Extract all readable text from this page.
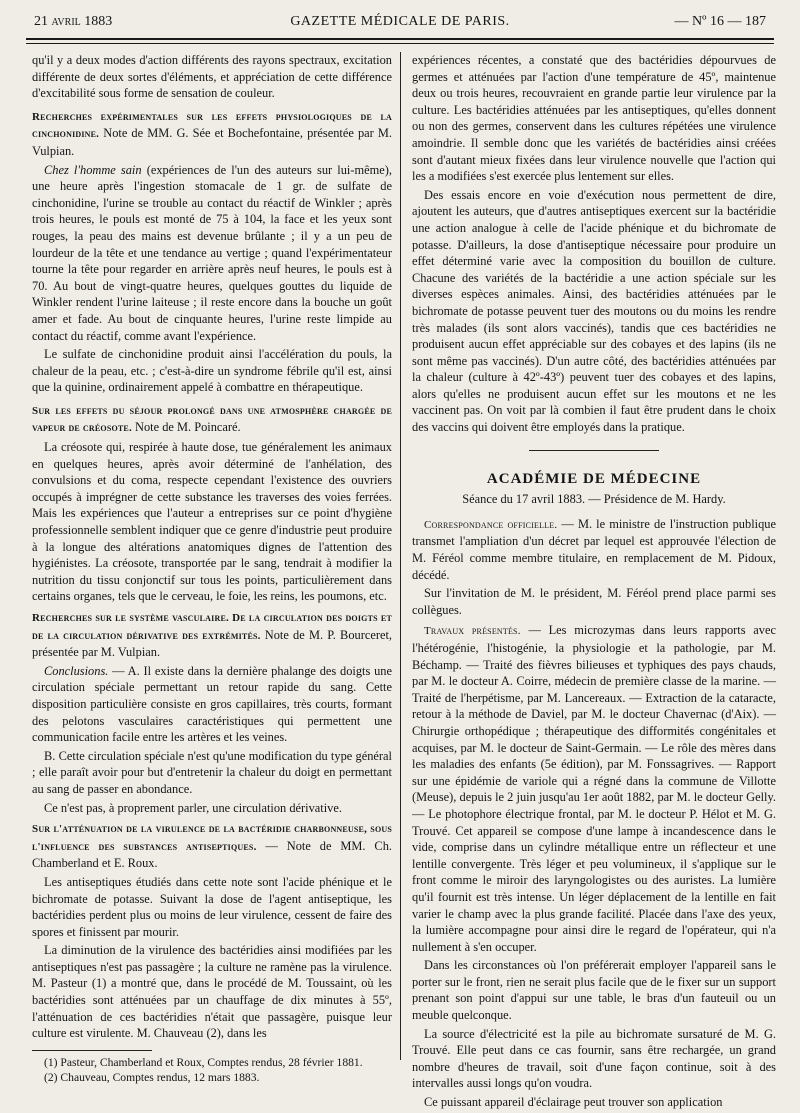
21 avril 1883	GAZETTE MÉDICALE DE PARIS.	— Nº 16 — 187

qu'il y a deux modes d'action différents des rayons spectraux, excitation différente de deux sortes d'éléments, et appréciation de cette différence d'excitabilité sous forme de sensation de couleur.

Recherches expérimentales sur les effets physiologiques de la cinchonidine. Note de MM. G. Sée et Bochefontaine, présentée par M. Vulpian.

Chez l'homme sain (expériences de l'un des auteurs sur lui-même), une heure après l'ingestion stomacale de 1 gr. de sulfate de cinchonidine, l'urine se trouble au contact du réactif de Winkler ; après trois heures, le pouls est monté de 75 à 104, la face et les yeux sont rouges, la peau des mains est devenue brûlante ; il y a un peu de lourdeur de la tête et une tendance au vertige ; quand l'expérimentateur tourne la tête pour regarder en arrière après neuf heures, le pouls est à 70. Au bout de vingt-quatre heures, quelques gouttes du liquide de Winkler rendent l'urine laiteuse ; il reste encore dans la bouche un goût amer et fade. Au bout de cinquante heures, l'urine reste limpide au contact du réactif, comme avant l'expérience.

Le sulfate de cinchonidine produit ainsi l'accélération du pouls, la chaleur de la peau, etc. ; c'est-à-dire un syndrome fébrile qu'il est, ainsi que la quinine, ordinairement appelé à combattre en thérapeutique.

Sur les effets du séjour prolongé dans une atmosphère chargée de vapeur de créosote. Note de M. Poincaré.

La créosote qui, respirée à haute dose, tue généralement les animaux en quelques heures, après avoir déterminé de l'anhélation, des convulsions et du coma, respecte cependant l'existence des ouvriers occupés à imprégner de cette substance les traverses des voies ferrées. Mais les expériences que l'auteur a entreprises sur ce point d'hygiène professionnelle semblent indiquer que ce genre d'industrie peut produire à la longue des altérations anatomiques dignes de l'attention des hygiénistes. La créosote, transportée par le sang, tendrait à modifier la nutrition du tissu conjonctif sur tous les points, particulièrement dans certains organes, tels que le cerveau, le foie, les reins, les poumons, etc.

Recherches sur le système vasculaire. De la circulation des doigts et de la circulation dérivative des extrémités. Note de M. P. Bourceret, présentée par M. Vulpian.

Conclusions. — A. Il existe dans la dernière phalange des doigts une circulation spéciale permettant un retour rapide du sang. Cette disposition particulière consiste en gros capillaires, très courts, formant des pelotons vasculaires caractéristiques qui permettent une communication facile entre les artères et les veines.

B. Cette circulation spéciale n'est qu'une modification du type général ; elle paraît avoir pour but d'entretenir la chaleur du doigt en permettant au sang de passer en abondance.

Ce n'est pas, à proprement parler, une circulation dérivative.

Sur l'atténuation de la virulence de la bactéridie charbonneuse, sous l'influence des substances antiseptiques. — Note de MM. Ch. Chamberland et E. Roux.

Les antiseptiques étudiés dans cette note sont l'acide phénique et le bichromate de potasse. Suivant la dose de l'agent antiseptique, les bactéridies perdent plus ou moins de leur virulence, cessent de faire des spores et finissent par mourir.

La diminution de la virulence des bactéridies ainsi modifiées par les antiseptiques n'est pas passagère ; la culture ne ramène pas la virulence. M. Pasteur (1) a montré que, dans le procédé de M. Toussaint, où les bactéridies sont atténuées par un chauffage de dix minutes à 55º, l'atténuation de ces bactéridies n'était que passagère, puisque leur culture est virulente. M. Chauveau (2), dans les

(1) Pasteur, Chamberland et Roux, Comptes rendus, 28 février 1881.

(2) Chauveau, Comptes rendus, 12 mars 1883.

expériences récentes, a constaté que des bactéridies dépourvues de germes et atténuées par l'action d'une température de 45º, maintenue deux ou trois heures, recouvraient en grande partie leur virulence par la culture. Les bactéridies atténuées par les antiseptiques, qu'elles donnent ou non des germes, conservent dans les cultures répétées une virulence amoindrie. Il semble donc que les variétés de bactéridies ainsi créées sont d'autant mieux fixées dans leur virulence nouvelle que l'action qui les a modifiées s'est exercée plus lentement sur elles.

Des essais encore en voie d'exécution nous permettent de dire, ajoutent les auteurs, que d'autres antiseptiques exercent sur la bactéridie une action analogue à celle de l'acide phénique et du bichromate de potasse. D'ailleurs, la dose d'antiseptique nécessaire pour produire un effet déterminé varie avec la composition du bouillon de culture. Chacune des variétés de la bactéridie a une action spéciale sur les diverses espèces animales. Ainsi, des bactéridies atténuées par le bichromate de potasse peuvent tuer des moutons ou du moins les rendre très malades (ils sont alors vaccinés), tandis que ces bactéridies ne produisent aucun effet appréciable sur des cobayes et des lapins (ils ne sont même pas vaccinés). D'un autre côté, des bactéridies atténuées par la chaleur (culture à 42º-43º) peuvent tuer des cobayes et des lapins, alors qu'elles ne produisent aucun effet sur les moutons et ne les vaccinent pas. On voit par là combien il faut être prudent dans le choix des vaccins qui doivent être employés dans la pratique.

ACADÉMIE DE MÉDECINE

Séance du 17 avril 1883. — Présidence de M. Hardy.

Correspondance officielle. — M. le ministre de l'instruction publique transmet l'ampliation d'un décret par lequel est approuvée l'élection de M. Féréol comme membre titulaire, en remplacement de M. Pidoux, décédé.

Sur l'invitation de M. le président, M. Féréol prend place parmi ses collègues.

Travaux présentés. — Les microzymas dans leurs rapports avec l'hétérogénie, l'histogénie, la physiologie et la pathologie, par M. Béchamp. — Traité des fièvres bilieuses et typhiques des pays chauds, par M. le docteur A. Coirre, médecin de première classe de la marine. — Traité de l'herpétisme, par M. Lancereaux. — Extraction de la cataracte, retour à la méthode de Daviel, par M. le docteur Chavernac (d'Aix). — Chirurgie orthopédique ; thérapeutique des difformités congénitales et acquises, par M. le docteur de Saint-Germain. — Le rôle des mères dans les maladies des enfants (5e édition), par M. Fonssagrives. — Rapport sur une épidémie de variole qui a régné dans la commune de Villotte (Meuse), depuis le 2 juin jusqu'au 1er août 1882, par M. le docteur Gelly. — Le photophore électrique frontal, par M. le docteur P. Hélot et M. G. Trouvé. Cet appareil se compose d'une lampe à incandescence dans le vide, comprise dans un cylindre métallique entre un réflecteur et une lentille convergente. Très léger et peu volumineux, il s'applique sur le front comme le miroir des laryngologistes ou des auristes. La lumière qu'il fournit est très intense. Un léger déplacement de la lentille en fait varier le champ avec la plus grande facilité. Placée dans l'axe des yeux, la lumière accompagne pour ainsi dire le regard de l'opérateur, qui n'a nullement à s'en occuper.

Dans les circonstances où l'on préférerait employer l'appareil sans le porter sur le front, rien ne serait plus facile que de le fixer sur un support prenant son point d'appui sur une table, le bras d'un fauteuil ou un meuble quelconque.

La source d'électricité est la pile au bichromate sursaturé de M. G. Trouvé. Elle peut dans ce cas fournir, sans être rechargée, un grand nombre d'heures de travail, soit d'une façon continue, soit à des intervalles aussi longs qu'on voudra.

Ce puissant appareil d'éclairage peut trouver son application
